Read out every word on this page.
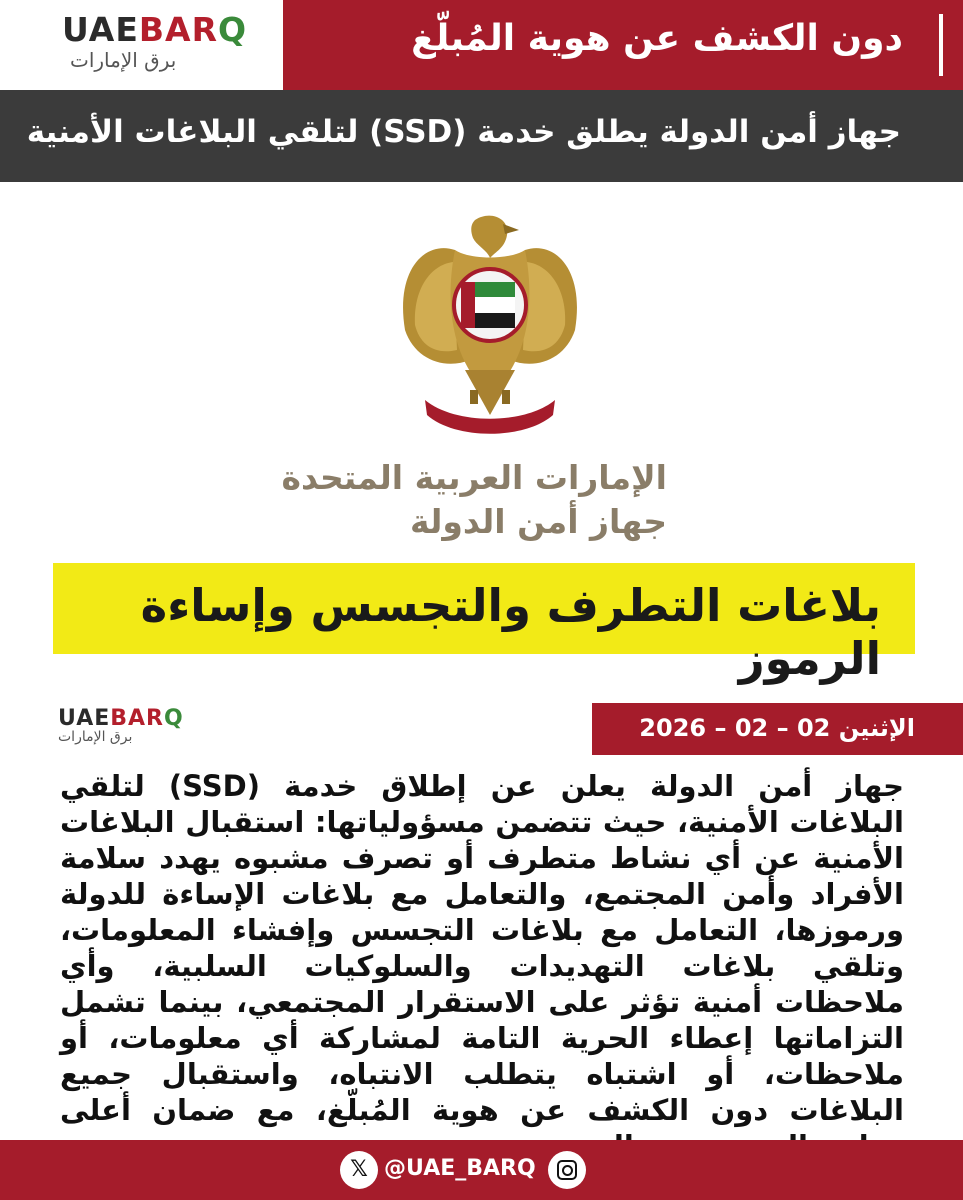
UAEBARQ
برق الإمارات
دون الكشف عن هوية المُبلّغ
جهاز أمن الدولة يطلق خدمة (SSD) لتلقي البلاغات الأمنية
الإمارات العربية المتحدة
جهاز أمن الدولة
بلاغات التطرف والتجسس وإساءة الرموز
UAEBARQ
برق الإمارات	الإثنين 02 – 02 – 2026
جهاز أمن الدولة يعلن عن إطلاق خدمة (SSD) لتلقي البلاغات الأمنية، حيث تتضمن مسؤولياتها: استقبال البلاغات الأمنية عن أي نشاط متطرف أو تصرف مشبوه يهدد سلامة الأفراد وأمن المجتمع، والتعامل مع بلاغات الإساءة للدولة ورموزها، التعامل مع بلاغات التجسس وإفشاء المعلومات، وتلقي بلاغات التهديدات والسلوكيات السلبية، وأي ملاحظات أمنية تؤثر على الاستقرار المجتمعي، بينما تشمل التزاماتها إعطاء الحرية التامة لمشاركة أي معلومات، أو ملاحظات، أو اشتباه يتطلب الانتباه، واستقبال جميع البلاغات دون الكشف عن هوية المُبلّغ، مع ضمان أعلى
𝕏 @UAE_BARQ
